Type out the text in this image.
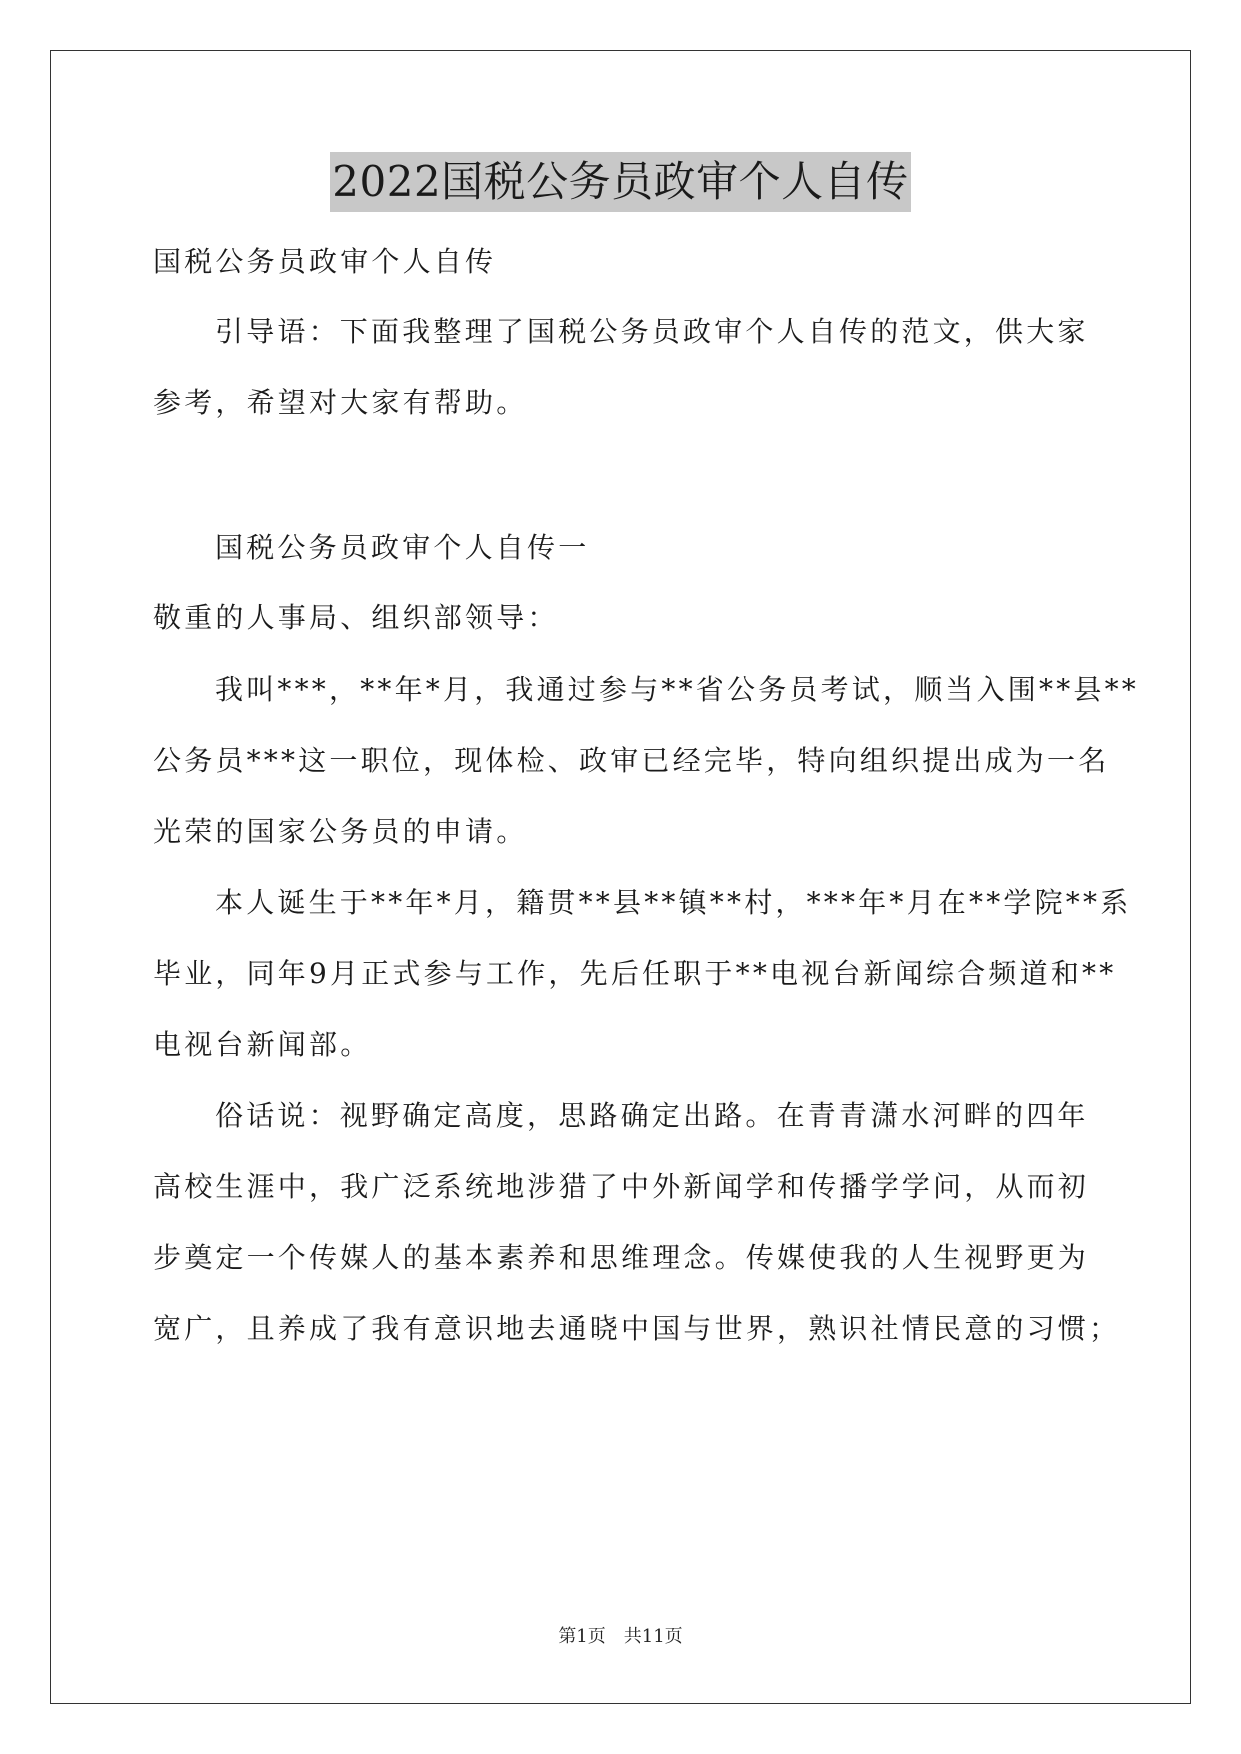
2022国税公务员政审个人自传

国税公务员政审个人自传

引导语：下面我整理了国税公务员政审个人自传的范文，供大家

参考，希望对大家有帮助。

国税公务员政审个人自传一

敬重的人事局、组织部领导：

我叫***，**年*月，我通过参与**省公务员考试，顺当入围**县**

公务员***这一职位，现体检、政审已经完毕，特向组织提出成为一名

光荣的国家公务员的申请。

本人诞生于**年*月，籍贯**县**镇**村，***年*月在**学院**系

毕业，同年9月正式参与工作，先后任职于**电视台新闻综合频道和**

电视台新闻部。

俗话说：视野确定高度，思路确定出路。在青青潇水河畔的四年

高校生涯中，我广泛系统地涉猎了中外新闻学和传播学学问，从而初

步奠定一个传媒人的基本素养和思维理念。传媒使我的人生视野更为

宽广，且养成了我有意识地去通晓中国与世界，熟识社情民意的习惯；

第1页　共11页
